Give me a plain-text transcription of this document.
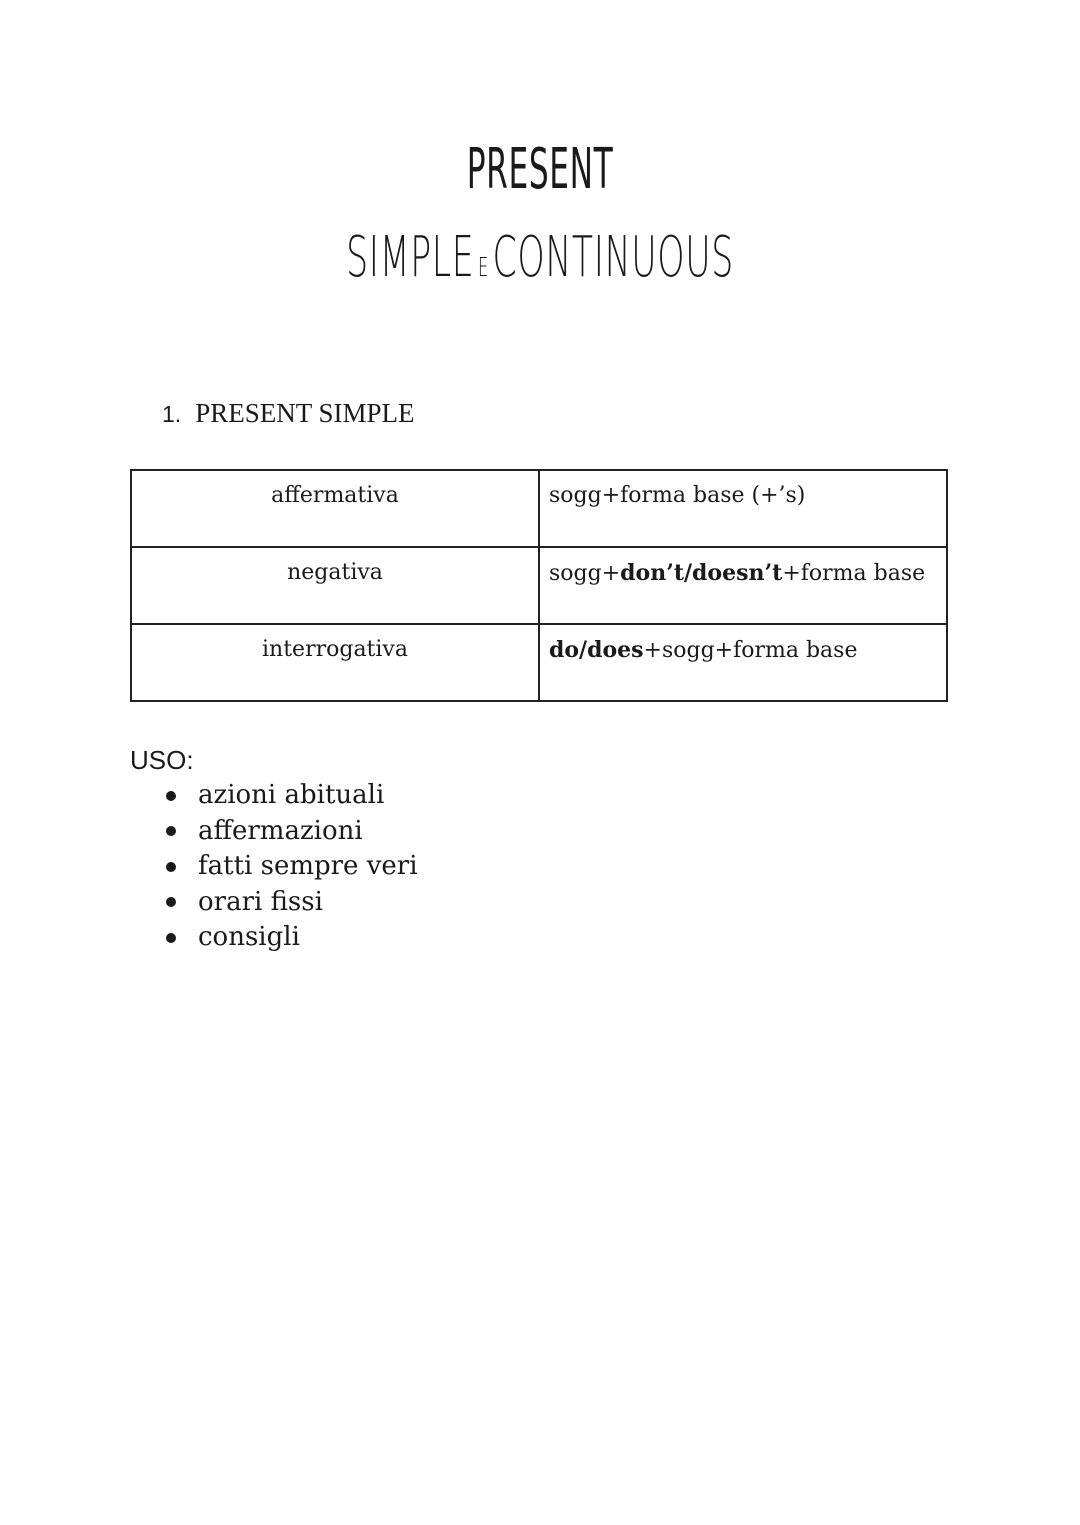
PRESENT
SIMPLE ECONTINUOUS
1. PRESENT SIMPLE
affermativa	sogg+forma base (+’s)
negativa	sogg+don’t/doesn’t+forma base
interrogativa	do/does+sogg+forma base
USO:
azioni abituali
affermazioni
fatti sempre veri
orari fissi
consigli
